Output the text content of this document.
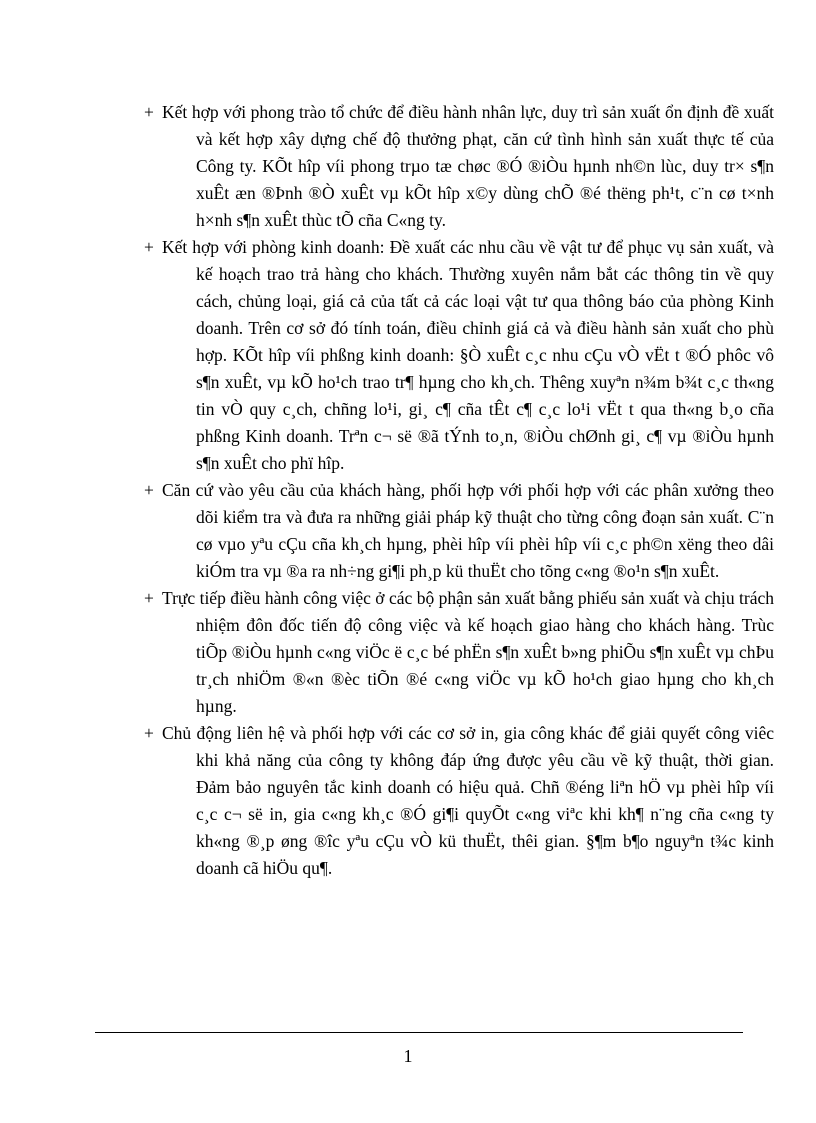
+ Kết hợp với phong trào tổ chức để điều hành nhân lực, duy trì sản xuất ổn định đề xuất và kết hợp xây dựng chế độ thưởng phạt, căn cứ tình hình sản xuất thực tế của Công ty. KÕt hîp víi phong trµo tæ chøc ®Ó ®iÒu hµnh nh©n lùc, duy tr× s¶n xuÊt æn ®Þnh ®Ò xuÊt vµ kÕt hîp x©y dùng chÕ ®é thëng ph¹t, c¨n cø t×nh h×nh s¶n xuÊt thùc tÕ cña C«ng ty.

+ Kết hợp với phòng kinh doanh: Đề xuất các nhu cầu về vật tư để phục vụ sản xuất, và kế hoạch trao trả hàng cho khách. Thường xuyên nắm bắt các thông tin về quy cách, chủng loại, giá cả của tất cả các loại vật tư qua thông báo của phòng Kinh doanh. Trên cơ sở đó tính toán, điều chỉnh giá cả và điều hành sản xuất cho phù hợp. KÕt hîp víi phßng kinh doanh: §Ò xuÊt c¸c nhu cÇu vÒ vËt t ®Ó phôc vô s¶n xuÊt, vµ kÕ ho¹ch trao tr¶ hµng cho kh¸ch. Thêng xuyªn n¾m b¾t c¸c th«ng tin vÒ quy c¸ch, chñng lo¹i, gi¸ c¶ cña tÊt c¶ c¸c lo¹i vËt t qua th«ng b¸o cña phßng Kinh doanh. Trªn c¬ së ®ã tÝnh to¸n, ®iÒu chØnh gi¸ c¶ vµ ®iÒu hµnh s¶n xuÊt cho phï hîp.

+ Căn cứ vào yêu cầu của khách hàng, phối hợp với phối hợp với các phân xưởng theo dõi kiểm tra và đưa ra những giải pháp kỹ thuật cho từng công đoạn sản xuất. C¨n cø vµo yªu cÇu cña kh¸ch hµng, phèi hîp víi phèi hîp víi c¸c ph©n xëng theo dâi kiÓm tra vµ ®a ra nh÷ng gi¶i ph¸p kü thuËt cho tõng c«ng ®o¹n s¶n xuÊt.

+ Trực tiếp điều hành công việc ở các bộ phận sản xuất bằng phiếu sản xuất và chịu trách nhiệm đôn đốc tiến độ công việc và kế hoạch giao hàng cho khách hàng. Trùc tiÕp ®iÒu hµnh c«ng viÖc ë c¸c bé phËn s¶n xuÊt b»ng phiÕu s¶n xuÊt vµ chÞu tr¸ch nhiÖm ®«n ®èc tiÕn ®é c«ng viÖc vµ kÕ ho¹ch giao hµng cho kh¸ch hµng.

+ Chủ động liên hệ và phối hợp với các cơ sở in, gia công khác để giải quyết công viêc khi khả năng của công ty không đáp ứng được yêu cầu về kỹ thuật, thời gian. Đảm bảo nguyên tắc kinh doanh có hiệu quả. Chñ ®éng liªn hÖ vµ phèi hîp víi c¸c c¬ së in, gia c«ng kh¸c ®Ó gi¶i quyÕt c«ng viªc khi kh¶ n¨ng cña c«ng ty kh«ng ®¸p øng ®îc yªu cÇu vÒ kü thuËt, thêi gian. §¶m b¶o nguyªn t¾c kinh doanh cã hiÖu qu¶.

1
